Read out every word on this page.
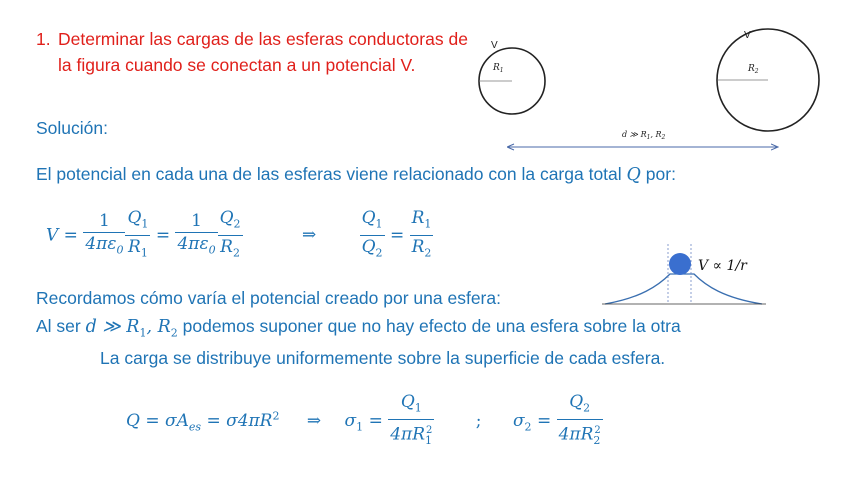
1. Determinar las cargas de las esferas conductoras de la figura cuando se conectan a un potencial V.
V
$R_1$
V
$R_2$
d ≫ $R_1$, $R_2$
Solución:
El potencial en cada una de las esferas viene relacionado con la carga total Q por:
$V = \frac{1}{4\pi\varepsilon_0} \frac{Q_1}{R_1} = \frac{1}{4\pi\varepsilon_0} \frac{Q_2}{R_2}$	⇒	$\frac{Q_1}{Q_2} = \frac{R_1}{R_2}$
V ∝ 1/r
Recordamos cómo varía el potencial creado por una esfera:
Al ser d ≫ $R_1$, $R_2$ podemos suponer que no hay efecto de una esfera sobre la otra
La carga se distribuye uniformemente sobre la superficie de cada esfera.
$Q = \sigma A_{es} = \sigma 4\pi R^2$ ⇒ $\sigma_1 = \frac{Q_1}{4\pi R_1^2}$ ; $\sigma_2 = \frac{Q_2}{4\pi R_2^2}$
